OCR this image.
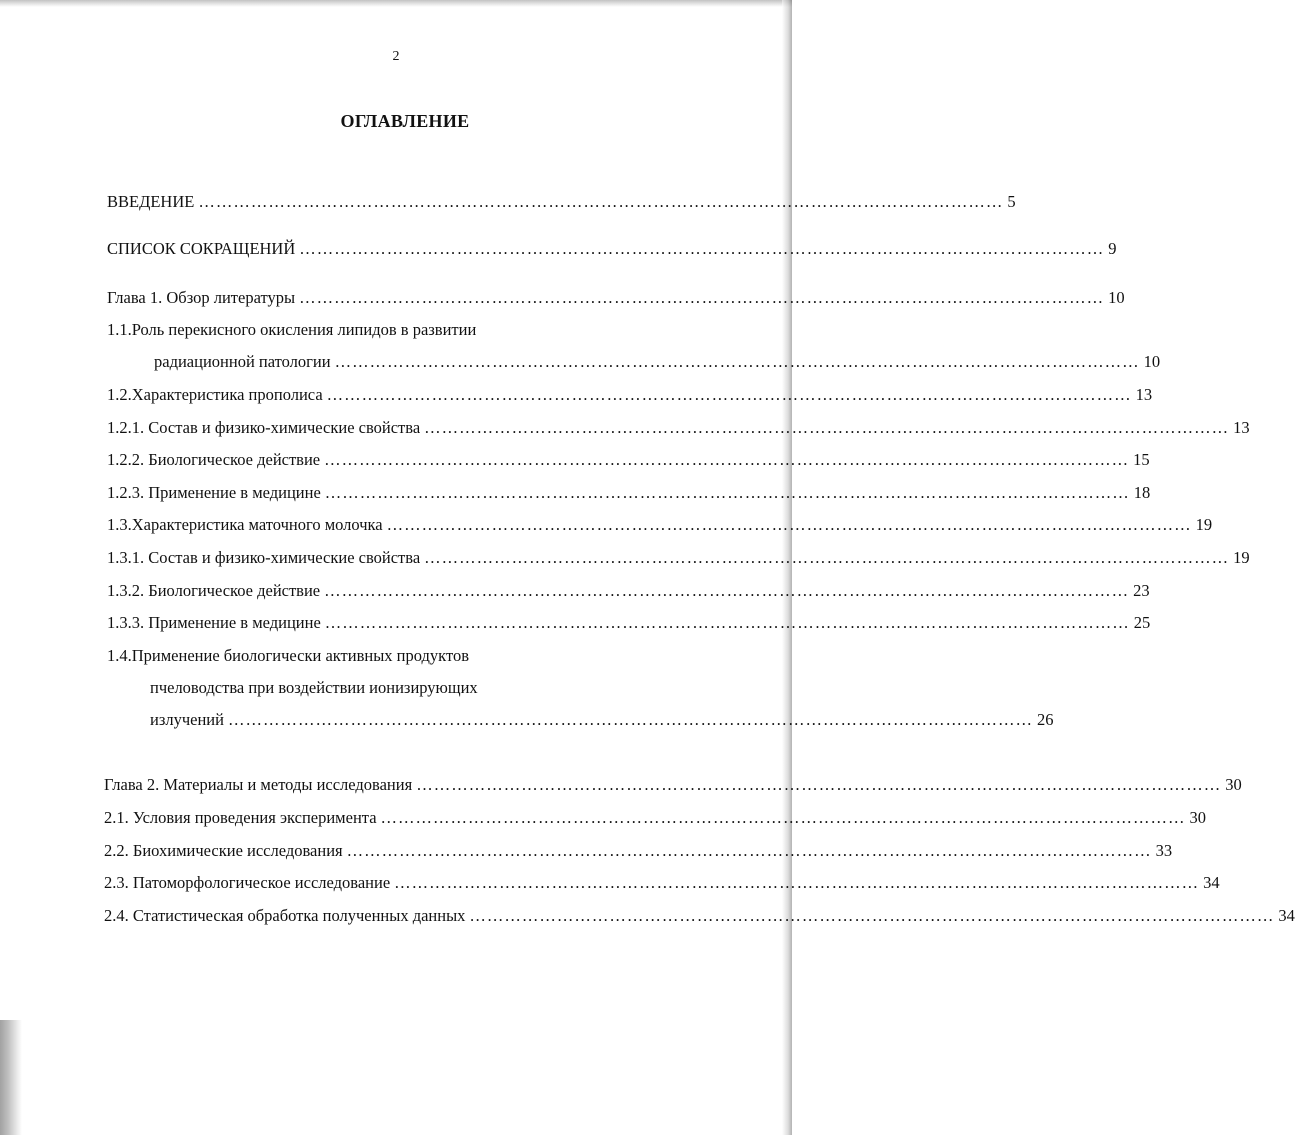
2
ОГЛАВЛЕНИЕ
ВВЕДЕНИЕ ………………………………………………………………………………………………………………………… 5
СПИСОК СОКРАЩЕНИЙ ………………………………………………………………………………………………………………………… 9
Глава 1. Обзор литературы ………………………………………………………………………………………………………………………… 10
1.1.Роль перекисного окисления липидов в развитии
радиационной патологии ………………………………………………………………………………………………………………………… 10
1.2. Характеристика прополиса ………………………………………………………………………………………………………………………… 13
1.2.1. Состав и физико-химические свойства ………………………………………………………………………………………………………………………… 13
1.2.2. Биологическое действие ………………………………………………………………………………………………………………………… 15
1.2.3. Применение в медицине ………………………………………………………………………………………………………………………… 18
1.3. Характеристика маточного молочка ………………………………………………………………………………………………………………………… 19
1.3.1. Состав и физико-химические свойства ………………………………………………………………………………………………………………………… 19
1.3.2. Биологическое действие ………………………………………………………………………………………………………………………… 23
1.3.3. Применение в медицине ………………………………………………………………………………………………………………………… 25
1.4.Применение биологически активных продуктов
пчеловодства при воздействии ионизирующих
излучений ………………………………………………………………………………………………………………………… 26
Глава 2. Материалы и методы исследования ………………………………………………………………………………………………………………………… 30
2.1. Условия проведения эксперимента ………………………………………………………………………………………………………………………… 30
2.2. Биохимические исследования ………………………………………………………………………………………………………………………… 33
2.3. Патоморфологическое исследование ………………………………………………………………………………………………………………………… 34
2.4. Статистическая обработка полученных данных ………………………………………………………………………………………………………………………… 34
